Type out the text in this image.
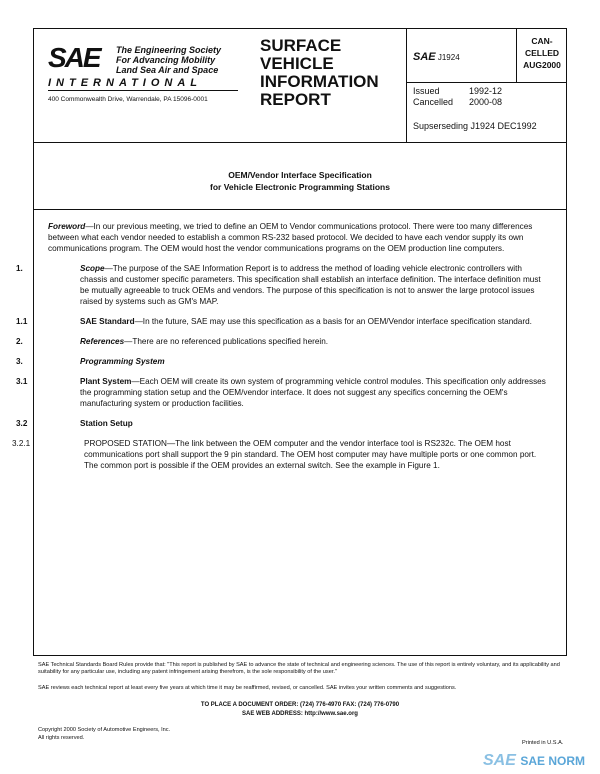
SAE The Engineering Society
For Advancing Mobility
Land Sea Air and Space
INTERNATIONAL
400 Commonwealth Drive, Warrendale, PA 15096-0001
SURFACE
VEHICLE
INFORMATION
REPORT
SAE J1924
CAN-
CELLED
AUG2000
Issued	1992-12
Cancelled 2000-08
Supserseding J1924 DEC1992
OEM/Vendor Interface Specification
for Vehicle Electronic Programming Stations
Foreword—In our previous meeting, we tried to define an OEM to Vendor communications protocol. There were too many differences between what each vendor needed to establish a common RS-232 based protocol. We decided to have each vendor supply its own communications program. The OEM would host the vendor communications programs on the OEM production line computers.
1.	Scope—The purpose of the SAE Information Report is to address the method of loading vehicle electronic controllers with chassis and customer specific parameters. This specification shall establish an interface definition. The interface definition must be mutually agreeable to truck OEMs and vendors. The purpose of this specification is not to answer the large protocol issues raised by systems such as GM's MAP.
1.1	SAE Standard—In the future, SAE may use this specification as a basis for an OEM/Vendor interface specification standard.
2.	References—There are no referenced publications specified herein.
3.	Programming System
3.1	Plant System—Each OEM will create its own system of programming vehicle control modules. This specification only addresses the programming station setup and the OEM/vendor interface. It does not suggest any specifics concerning the OEM's manufacturing system or production facilities.
3.2	Station Setup
3.2.1	PROPOSED STATION—The link between the OEM computer and the vendor interface tool is RS232c. The OEM host communications port shall support the 9 pin standard. The OEM host computer may have multiple ports or one common port. The common port is possible if the OEM provides an external switch. See the example in Figure 1.
SAE Technical Standards Board Rules provide that: "This report is published by SAE to advance the state of technical and engineering sciences. The use of this report is entirely voluntary, and its applicability and suitability for any particular use, including any patent infringement arising therefrom, is the sole responsibility of the user."
SAE reviews each technical report at least every five years at which time it may be reaffirmed, revised, or cancelled. SAE invites your written comments and suggestions.
TO PLACE A DOCUMENT ORDER: (724) 776-4970 FAX: (724) 776-0790
SAE WEB ADDRESS: http://www.sae.org
Copyright 2000 Society of Automotive Engineers, Inc.
All rights reserved.
Printed in U.S.A.
SAE SAE NORM
